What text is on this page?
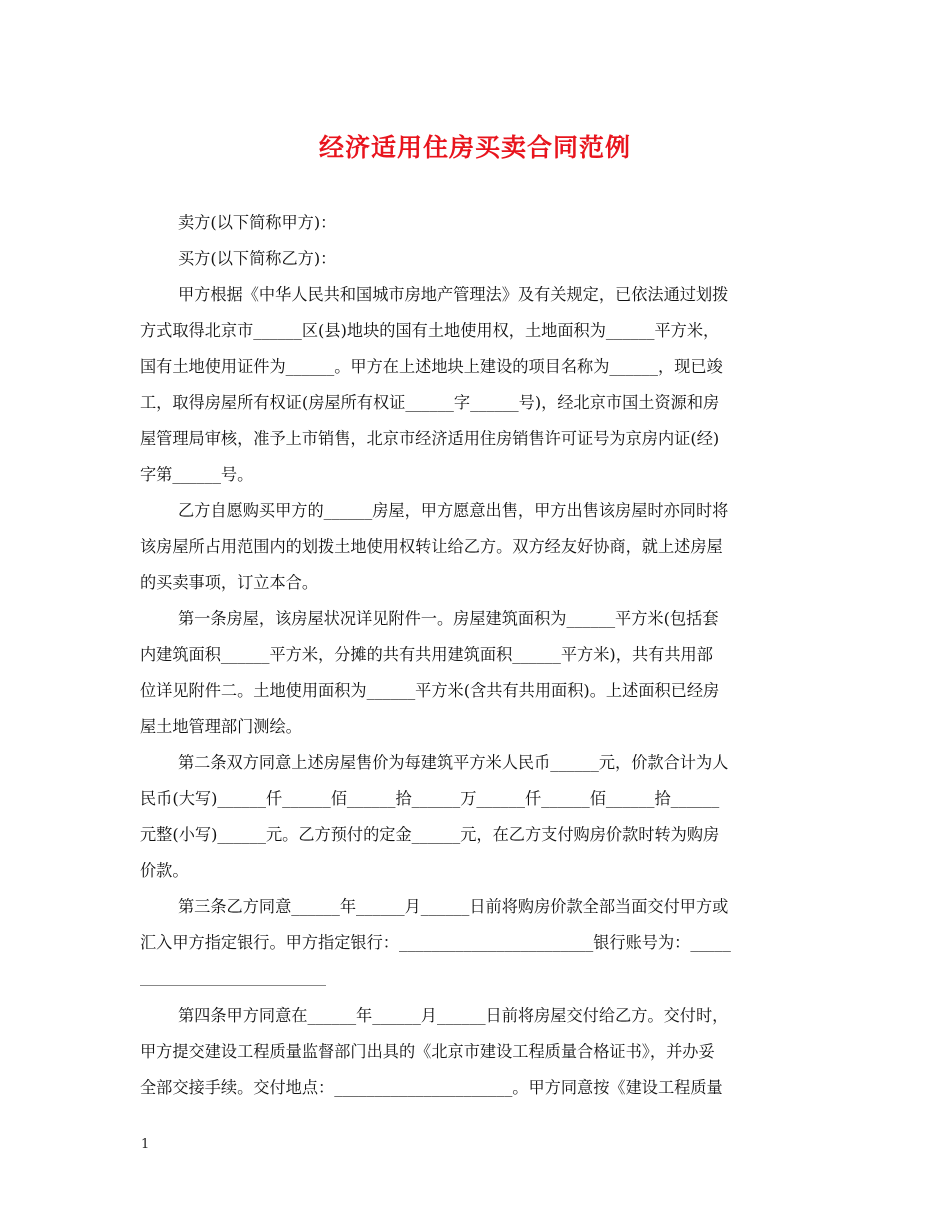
经济适用住房买卖合同范例
卖方(以下简称甲方)：
买方(以下简称乙方)：
甲方根据《中华人民共和国城市房地产管理法》及有关规定，已依法通过划拨
方式取得北京市______区(县)地块的国有土地使用权，土地面积为______平方米，
国有土地使用证件为______。甲方在上述地块上建设的项目名称为______，现已竣
工，取得房屋所有权证(房屋所有权证______字______号)，经北京市国土资源和房
屋管理局审核，准予上市销售，北京市经济适用住房销售许可证号为京房内证(经)
字第______号。
乙方自愿购买甲方的______房屋，甲方愿意出售，甲方出售该房屋时亦同时将
该房屋所占用范围内的划拨土地使用权转让给乙方。双方经友好协商，就上述房屋
的买卖事项，订立本合。
第一条房屋，该房屋状况详见附件一。房屋建筑面积为______平方米(包括套
内建筑面积______平方米，分摊的共有共用建筑面积______平方米)，共有共用部
位详见附件二。土地使用面积为______平方米(含共有共用面积)。上述面积已经房
屋土地管理部门测绘。
第二条双方同意上述房屋售价为每建筑平方米人民币______元，价款合计为人
民币(大写)______仟______佰______拾______万______仟______佰______拾______
元整(小写)______元。乙方预付的定金______元，在乙方支付购房价款时转为购房
价款。
第三条乙方同意______年______月______日前将购房价款全部当面交付甲方或
汇入甲方指定银行。甲方指定银行：________________________银行账号为：_____
第四条甲方同意在______年______月______日前将房屋交付给乙方。交付时，
甲方提交建设工程质量监督部门出具的《北京市建设工程质量合格证书》，并办妥
全部交接手续。交付地点：______________________。甲方同意按《建设工程质量
1
